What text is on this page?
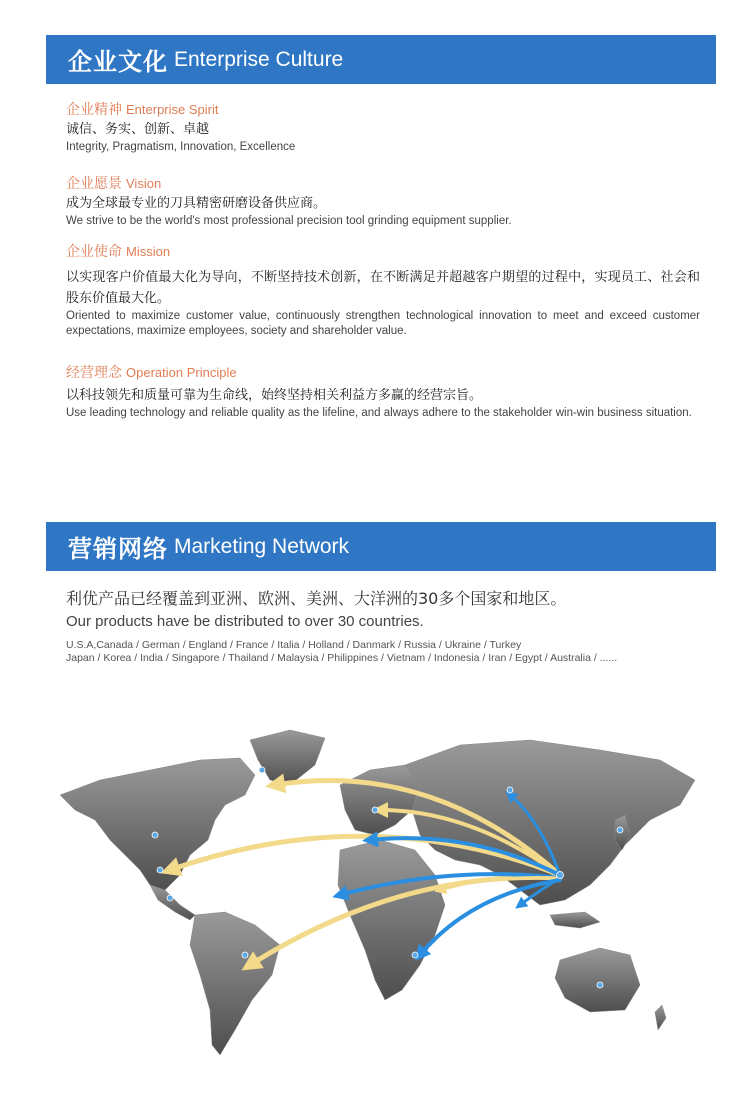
企业文化 Enterprise Culture
企业精神 Enterprise Spirit
诚信、务实、创新、卓越
Integrity, Pragmatism, Innovation, Excellence
企业愿景 Vision
成为全球最专业的刀具精密研磨设备供应商。
We strive to be the world's most professional precision tool grinding equipment supplier.
企业使命 Mission
以实现客户价值最大化为导向，不断坚持技术创新，在不断满足并超越客户期望的过程中，实现员工、社会和股东价值最大化。
Oriented to maximize customer value, continuously strengthen technological innovation to meet and exceed customer expectations, maximize employees, society and shareholder value.
经营理念 Operation Principle
以科技领先和质量可靠为生命线，始终坚持相关利益方多赢的经营宗旨。
Use leading technology and reliable quality as the lifeline, and always adhere to the stakeholder win-win business situation.
营销网络 Marketing Network
利优产品已经覆盖到亚洲、欧洲、美洲、大洋洲的30多个国家和地区。
Our products have be distributed to over 30 countries.
U.S.A,Canada / German / England / France / Italia / Holland / Danmark / Russia / Ukraine / Turkey
Japan / Korea / India / Singapore / Thailand / Malaysia / Philippines / Vietnam / Indonesia / Iran / Egypt / Australia / ......
